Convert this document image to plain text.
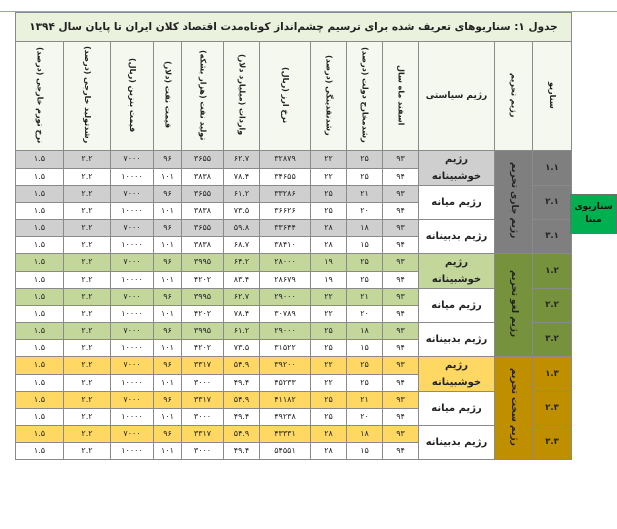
جدول ۱: سناریوهای تعریف شده برای ترسیم چشم‌انداز کوتاه‌مدت اقتصاد کلان ایران تا پایان سال ۱۳۹۴												
نرخ تورم خارجی (درصد)	رشدتولید خارجی (درصد)	قیمت بنزین (ریال)	قیمت نفت (دلار)	تولید نفت (هزار بشکه)	واردات (میلیارد دلار)	نرخ ارز (ریال)	رشدنقدینگی (درصد)	رشدمخارج دولت (درصد)	اسفند ماه سال	رژیم سیاستی	رژیم تحریم	سناریو
۱.۵	۲.۲	۷۰۰۰	۹۶	۳۶۵۵	۶۲.۷	۳۲۸۷۹	۲۲	۲۵	۹۳	رژیم خوشبینانه	رژیم جاری تحریم	۱.۱
۱.۵	۲.۲	۱۰۰۰۰	۱۰۱	۳۸۳۸	۷۸.۴	۳۴۶۵۵	۲۲	۲۵	۹۴			
۱.۵	۲.۲	۷۰۰۰	۹۶	۳۶۵۵	۶۱.۲	۳۳۲۸۶	۲۵	۲۱	۹۳	رژیم میانه		۲.۱
۱.۵	۲.۲	۱۰۰۰۰	۱۰۱	۳۸۳۸	۷۳.۵	۳۶۶۲۶	۲۵	۲۰	۹۴			
۱.۵	۲.۲	۷۰۰۰	۹۶	۳۶۵۵	۵۹.۸	۳۳۶۴۴	۲۸	۱۸	۹۳	رژیم بدبینانه		۳.۱
۱.۵	۲.۲	۱۰۰۰۰	۱۰۱	۳۸۳۸	۶۸.۷	۳۸۴۱۰	۲۸	۱۵	۹۴			
۱.۵	۲.۲	۷۰۰۰	۹۶	۳۹۹۵	۶۴.۲	۲۸۰۰۰	۱۹	۲۵	۹۳	رژیم خوشبینانه	رژیم لغو تحریم	۱.۲
۱.۵	۲.۲	۱۰۰۰۰	۱۰۱	۴۲۰۲	۸۳.۴	۲۸۶۷۹	۱۹	۲۵	۹۴			
۱.۵	۲.۲	۷۰۰۰	۹۶	۳۹۹۵	۶۲.۷	۲۹۰۰۰	۲۲	۲۱	۹۳	رژیم میانه		۲.۲
۱.۵	۲.۲	۱۰۰۰۰	۱۰۱	۴۲۰۲	۷۸.۴	۳۰۷۸۹	۲۲	۲۰	۹۴			
۱.۵	۲.۲	۷۰۰۰	۹۶	۳۹۹۵	۶۱.۲	۲۹۰۰۰	۲۵	۱۸	۹۳	رژیم بدبینانه		۳.۲
۱.۵	۲.۲	۱۰۰۰۰	۱۰۱	۴۲۰۲	۷۳.۵	۳۱۵۲۲	۲۵	۱۵	۹۴			
۱.۵	۲.۲	۷۰۰۰	۹۶	۳۳۱۷	۵۴.۹	۳۹۲۰۰	۲۲	۲۵	۹۳	رژیم خوشبینانه	رژیم سخت تحریم	۱.۳
۱.۵	۲.۲	۱۰۰۰۰	۱۰۱	۳۰۰۰	۴۹.۴	۴۵۲۳۳	۲۲	۲۵	۹۴			
۱.۵	۲.۲	۷۰۰۰	۹۶	۳۳۱۷	۵۴.۹	۴۱۱۸۲	۲۵	۲۱	۹۳	رژیم میانه		۲.۳
۱.۵	۲.۲	۱۰۰۰۰	۱۰۱	۳۰۰۰	۴۹.۴	۴۹۲۳۸	۲۵	۲۰	۹۴			
۱.۵	۲.۲	۷۰۰۰	۹۶	۳۳۱۷	۵۴.۹	۴۳۳۳۱	۲۸	۱۸	۹۳	رژیم بدبینانه		۳.۳
۱.۵	۲.۲	۱۰۰۰۰	۱۰۱	۳۰۰۰	۴۹.۴	۵۴۵۵۱	۲۸	۱۵	۹۴			
سناریوی مبنا
